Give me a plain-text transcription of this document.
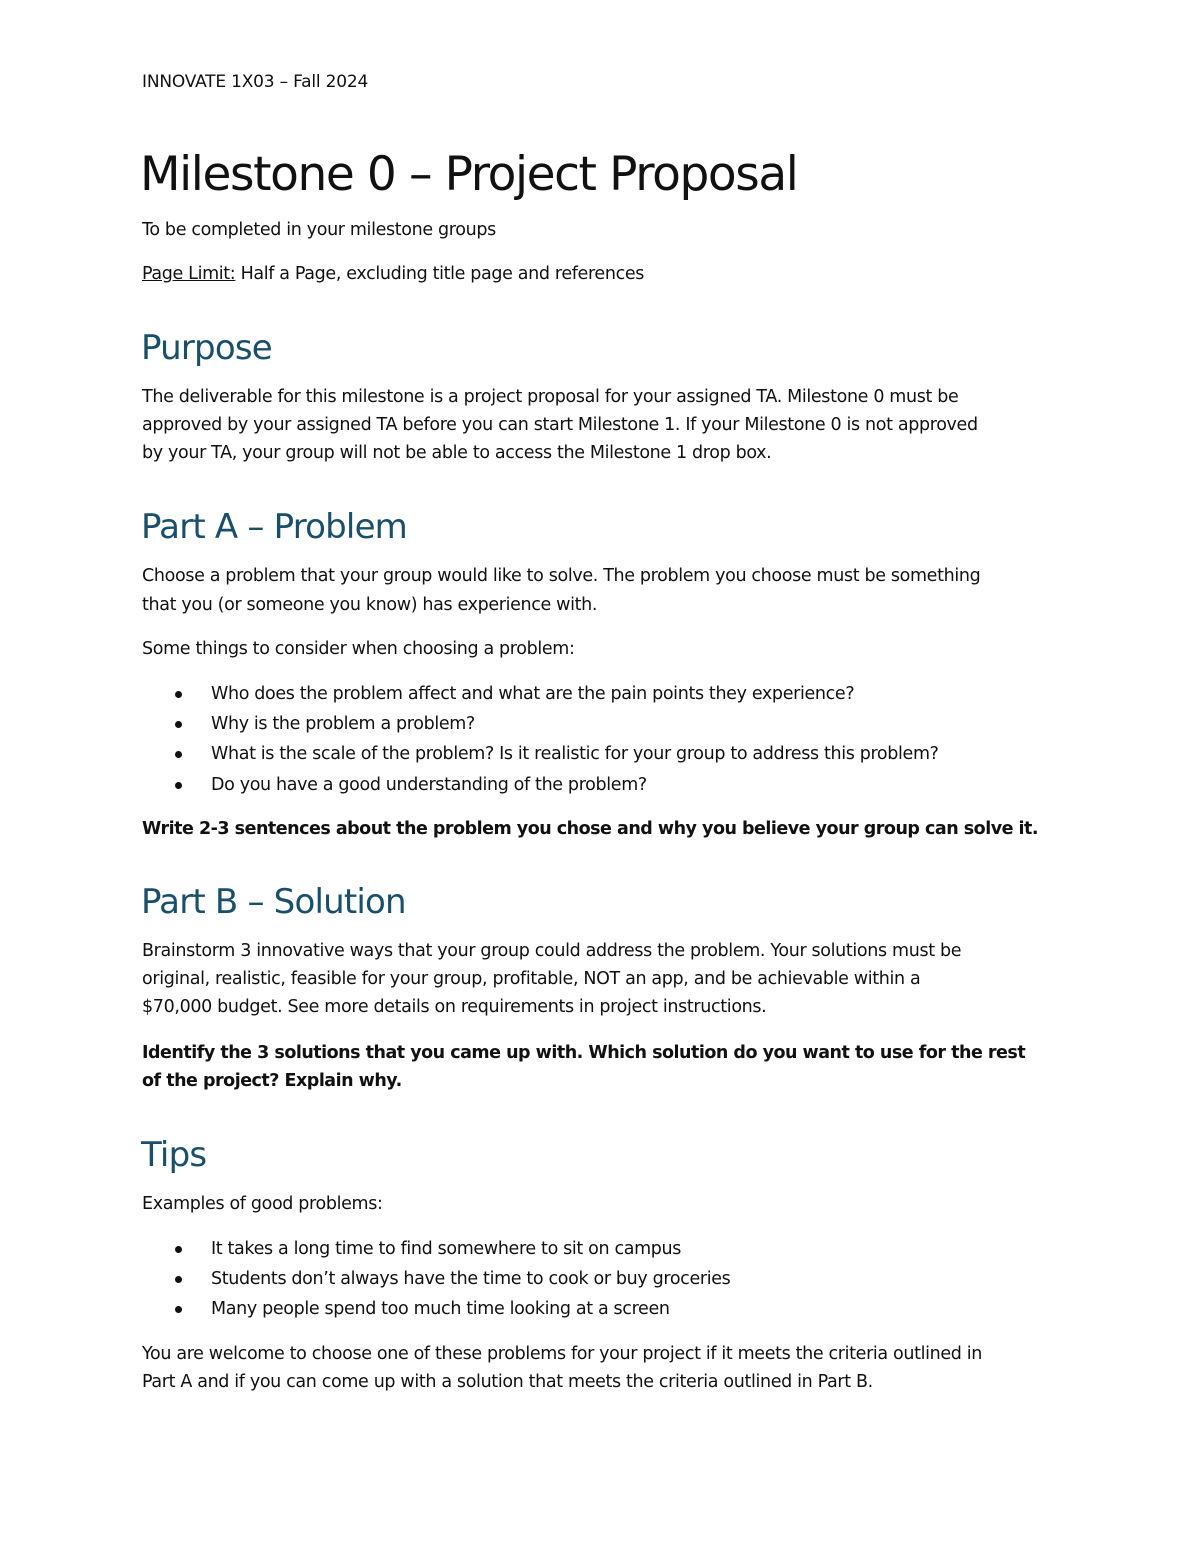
INNOVATE 1X03 – Fall 2024
Milestone 0 – Project Proposal

To be completed in your milestone groups

Page Limit: Half a Page, excluding title page and references

Purpose

The deliverable for this milestone is a project proposal for your assigned TA. Milestone 0 must be

approved by your assigned TA before you can start Milestone 1. If your Milestone 0 is not approved

by your TA, your group will not be able to access the Milestone 1 drop box.

Part A – Problem

Choose a problem that your group would like to solve. The problem you choose must be something

that you (or someone you know) has experience with.

Some things to consider when choosing a problem:

Who does the problem affect and what are the pain points they experience?
Why is the problem a problem?
What is the scale of the problem? Is it realistic for your group to address this problem?
Do you have a good understanding of the problem?

Write 2-3 sentences about the problem you chose and why you believe your group can solve it.

Part B – Solution

Brainstorm 3 innovative ways that your group could address the problem. Your solutions must be

original, realistic, feasible for your group, profitable, NOT an app, and be achievable within a

$70,000 budget. See more details on requirements in project instructions.

Identify the 3 solutions that you came up with. Which solution do you want to use for the rest

of the project? Explain why.

Tips

Examples of good problems:

It takes a long time to find somewhere to sit on campus
Students don’t always have the time to cook or buy groceries
Many people spend too much time looking at a screen

You are welcome to choose one of these problems for your project if it meets the criteria outlined in

Part A and if you can come up with a solution that meets the criteria outlined in Part B.
